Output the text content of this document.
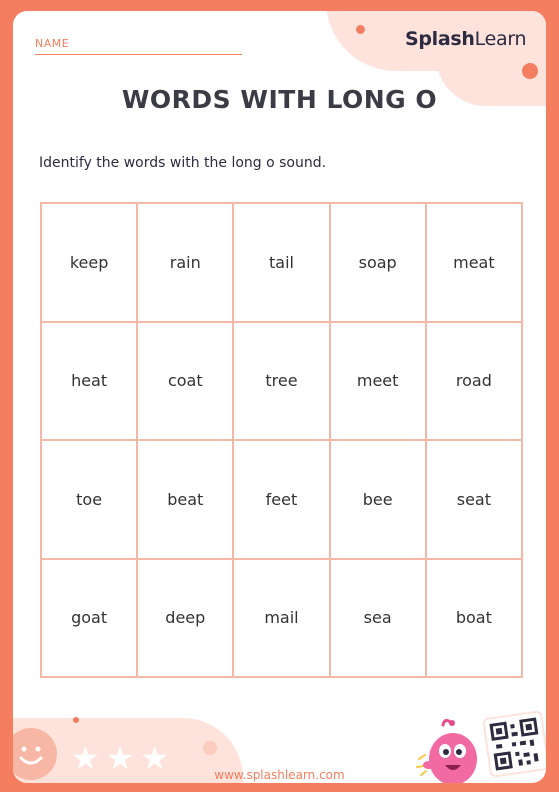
SplashLearn
NAME
WORDS WITH LONG O
Identify the words with the long o sound.
keep	rain	tail	soap	meat
heat	coat	tree	meet	road
toe	beat	feet	bee	seat
goat	deep	mail	sea	boat
★★★	www.splashlearn.com
